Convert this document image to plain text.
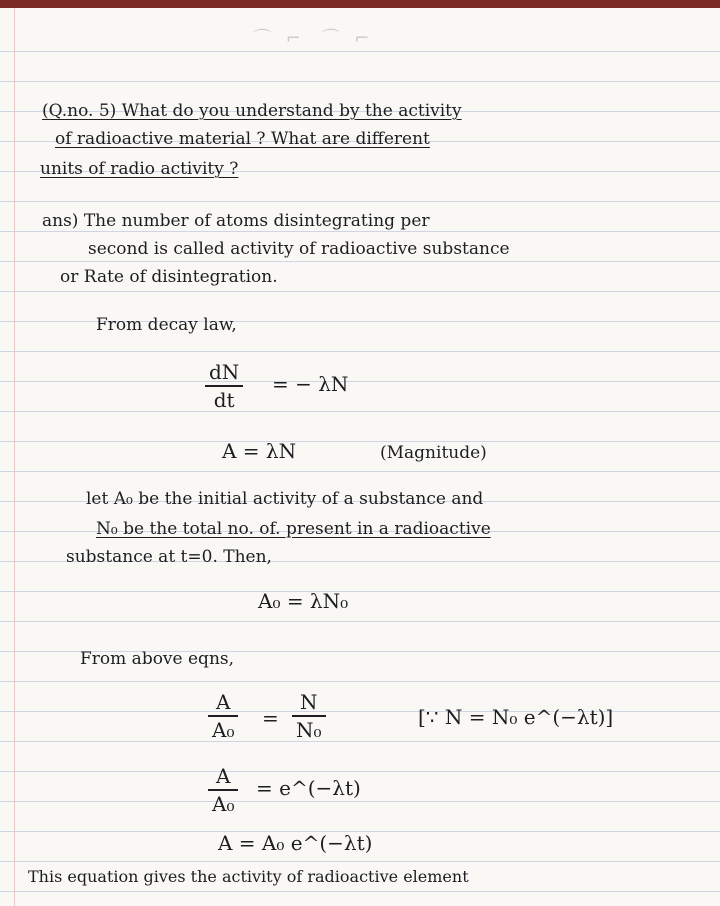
⌒ ⌐ ⌒ ⌐
(Q.no. 5) What do you understand by the activity
of radioactive material ? What are different
units of radio activity ?
ans) The number of atoms disintegrating per
second is called activity of radioactive substance
or Rate of disintegration.
From decay law,
dN
dt
= − λN
A = λN	(Magnitude)
let A₀ be the initial activity of a substance and
N₀ be the total no. of. present in a radioactive
substance at t=0. Then,
A₀ = λN₀
From above eqns,
A
A₀ =
N
N₀
[∵ N = N₀ e^(−λt)]
A
A₀
= e^(−λt)
A = A₀ e^(−λt)
This equation gives the activity of radioactive element
